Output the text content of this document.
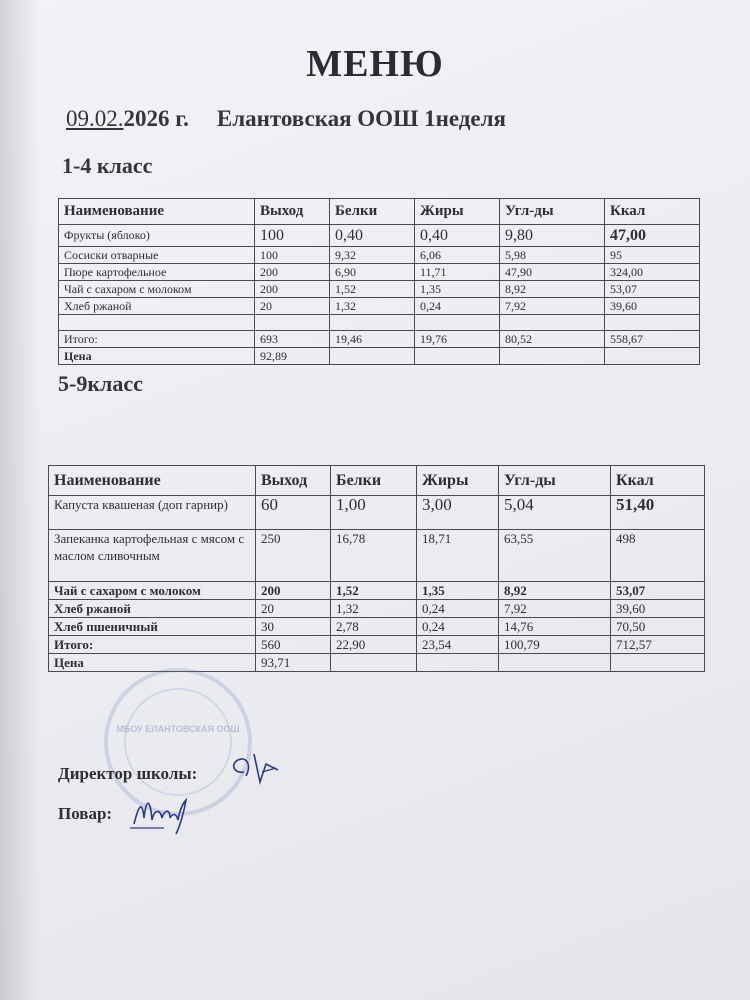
МЕНЮ
09.02.2026 г. Елантовская ООШ 1неделя
1-4 класс
Наименование	Выход	Белки	Жиры	Угл-ды	Ккал
Фрукты (яблоко)	100	0,40	0,40	9,80	47,00
Сосиски отварные	100	9,32	6,06	5,98	95
Пюре картофельное	200	6,90	11,71	47,90	324,00
Чай с сахаром с молоком	200	1,52	1,35	8,92	53,07
Хлеб ржаной	20	1,32	0,24	7,92	39,60

Итого:	693	19,46	19,76	80,52	558,67
Цена	92,89				
5-9класс
Наименование	Выход	Белки	Жиры	Угл-ды	Ккал
Капуста квашеная (доп гарнир)	60	1,00	3,00	5,04	51,40
Запеканка картофельная с мясом с маслом сливочным	250	16,78	18,71	63,55	498
Чай с сахаром с молоком	200	1,52	1,35	8,92	53,07
Хлеб ржаной	20	1,32	0,24	7,92	39,60
Хлеб пшеничный	30	2,78	0,24	14,76	70,50
Итого:	560	22,90	23,54	100,79	712,57
Цена	93,71				
МБОУ ЕЛАНТОВСКАЯ ООШ
Директор школы:
Повар:
